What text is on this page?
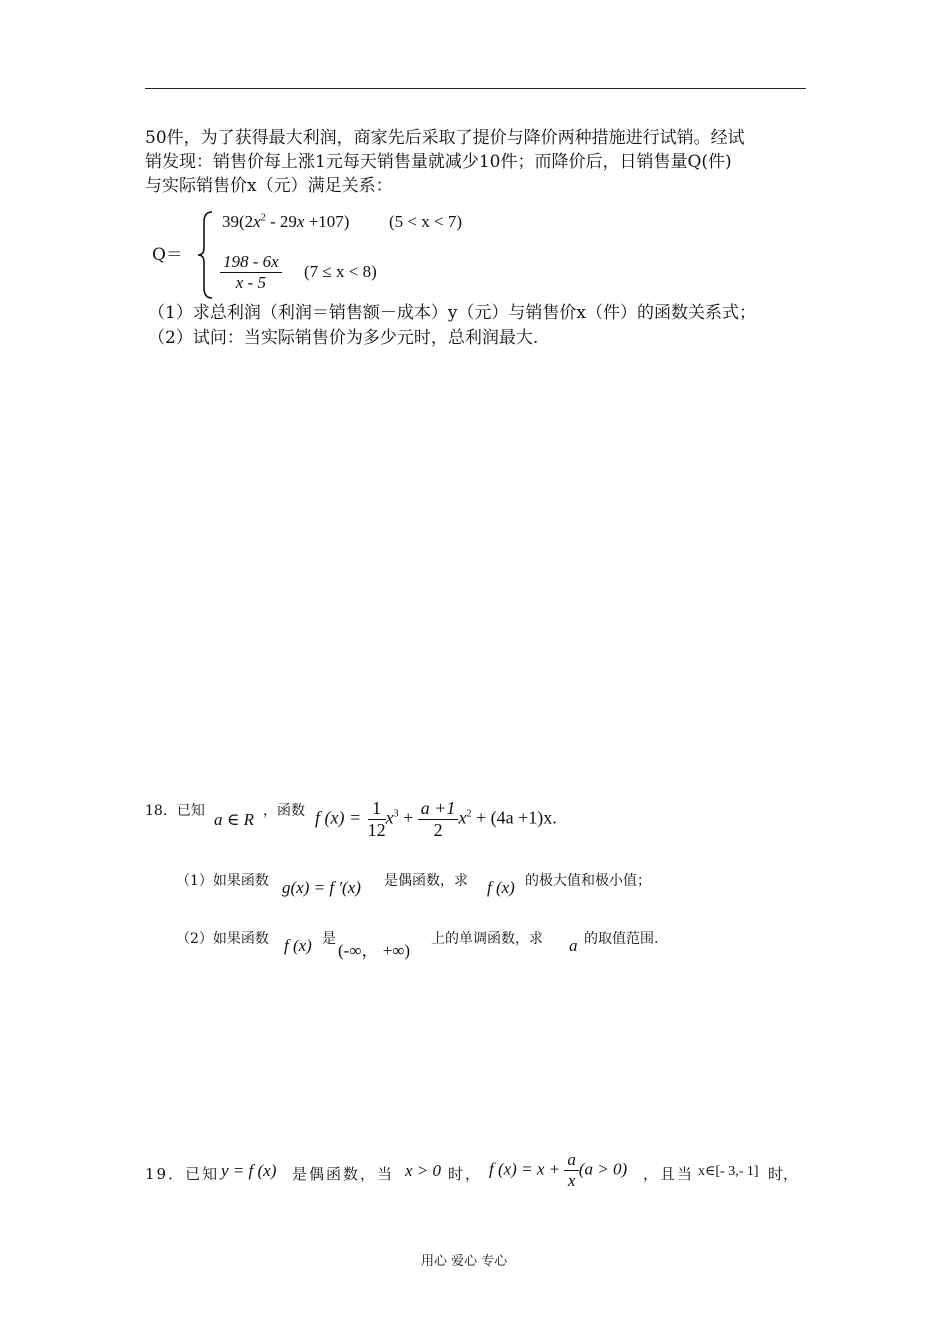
50件，为了获得最大利润，商家先后采取了提价与降价两种措施进行试销。经试
销发现：销售价每上涨1元每天销售量就减少10件；而降价后，日销售量Q(件)
与实际销售价x（元）满足关系：
Q＝
$39(2x^2 - 29x +107) (5 < x < 7)$
$\frac{198 - 6x}{x - 5} (7 \le x < 8)$
（1）求总利润（利润＝销售额－成本）y（元）与销售价x（件）的函数关系式；
（2）试问：当实际销售价为多少元时，总利润最大.
18．已知 a ∈ R ，函数 f $(x) = \frac{1}{12} x^3 + \frac{a +1}{2} x^2 + (4a +1)x$.
（1）如果函数 g(x) = f ′(x) 是偶函数，求 f (x) 的极大值和极小值；
（2）如果函数 f (x) 是
(-∞， +∞)
上的单调函数，求 a 的取值范围.
19．已知 y = f (x) 是偶函数，当 x > 0 时， f $(x) = x + \frac{a}{x} (a > 0)$ ，且当 x∈[- 3,- 1] 时，
用心 爱心 专心
